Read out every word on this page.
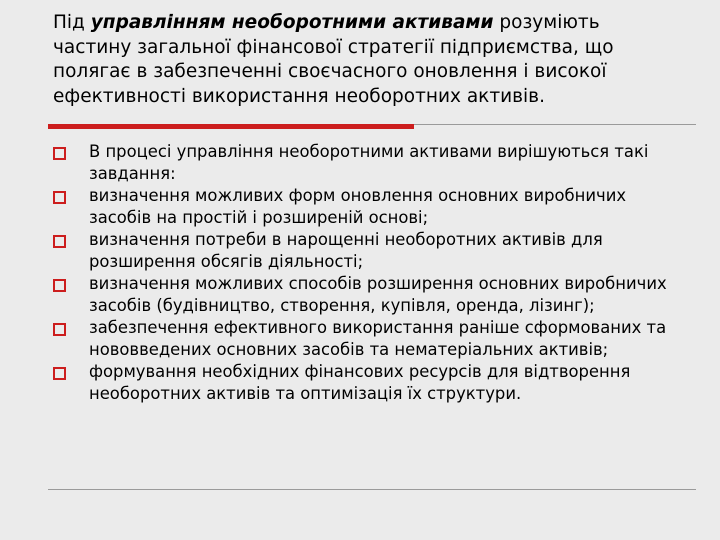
Під управлінням необоротними активами розуміють частину загальної фінансової стратегії підприємства, що полягає в забезпеченні своєчасного оновлення і високої ефективності використання необоротних активів.

В процесі управління необоротними активами вирішуються такі завдання:
визначення можливих форм оновлення основних виробничих засобів на простій і розширеній основі;
визначення потреби в нарощенні необоротних активів для розширення обсягів діяльності;
визначення можливих способів розширення основних виробничих засобів (будівництво, створення, купівля, оренда, лізинг);
забезпечення ефективного використання раніше сформованих та нововведених основних засобів та нематеріальних активів;
формування необхідних фінансових ресурсів для відтворення необоротних активів та оптимізація їх структури.
